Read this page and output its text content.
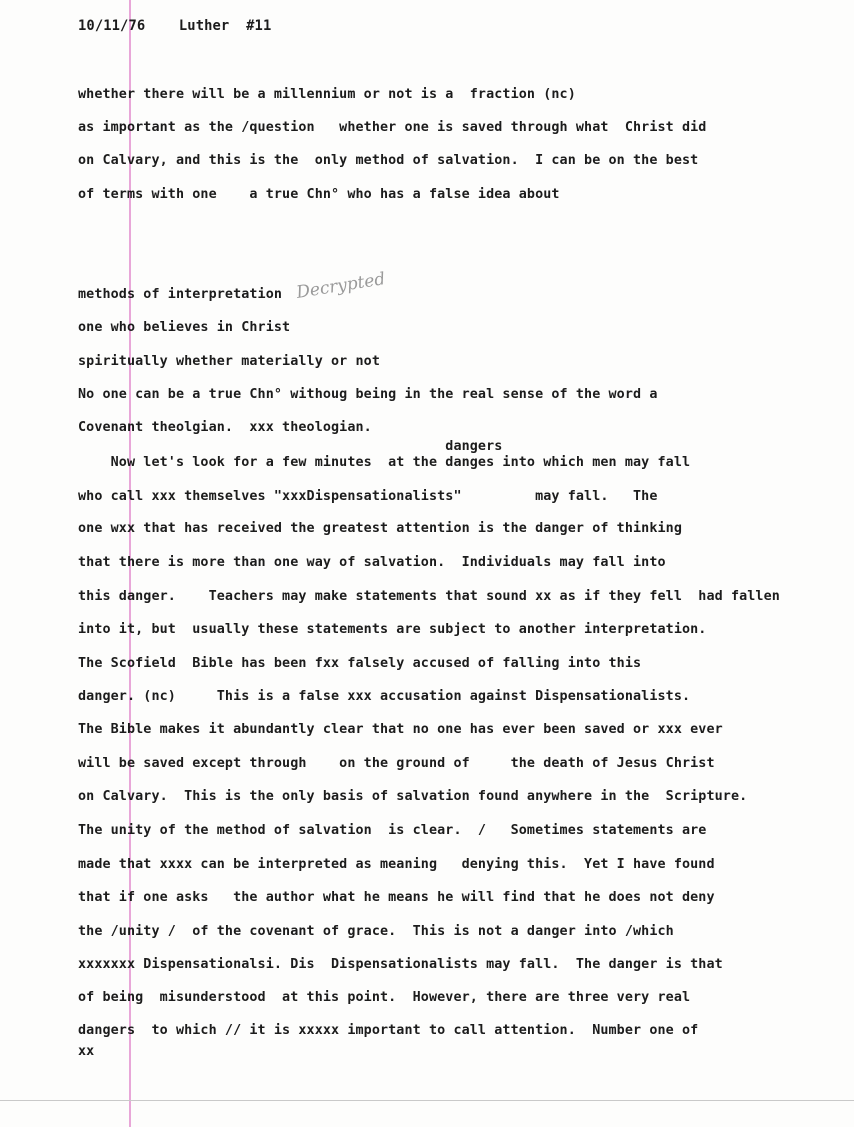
10/11/76    Luther  #11
whether there will be a millennium or not is a  fraction (nc)
as important as the /question   whether one is saved through what  Christ did
on Calvary, and this is the  only method of salvation.  I can be on the best
of terms with one    a true Chn° who has a false idea about
methods of interpretation Decrypted
one who believes in Christ
spiritually whether materially or not
No one can be a true Chn° withoug being in the real sense of the word a
Covenant theolgian.  xxx theologian.
dangers
Now let's look for a few minutes  at the danges into which men may fall
who call xxx themselves "xxxDispensationalists"         may fall.   The
one wxx that has received the greatest attention is the danger of thinking
that there is more than one way of salvation.  Individuals may fall into
this danger.    Teachers may make statements that sound xx as if they fell  had fallen
into it, but  usually these statements are subject to another interpretation.
The Scofield  Bible has been fxx falsely accused of falling into this
danger. (nc)     This is a false xxx accusation against Dispensationalists.
The Bible makes it abundantly clear that no one has ever been saved or xxx ever
will be saved except through    on the ground of     the death of Jesus Christ
on Calvary.  This is the only basis of salvation found anywhere in the  Scripture.
The unity of the method of salvation  is clear.  /   Sometimes statements are
made that xxxx can be interpreted as meaning   denying this.  Yet I have found
that if one asks   the author what he means he will find that he does not deny
the /unity /  of the covenant of grace.  This is not a danger into /which
xxxxxxx Dispensationalsi. Dis  Dispensationalists may fall.  The danger is that
of being  misunderstood  at this point.  However, there are three very real
dangers  to which // it is xxxxx important to call attention.  Number one of
xx
